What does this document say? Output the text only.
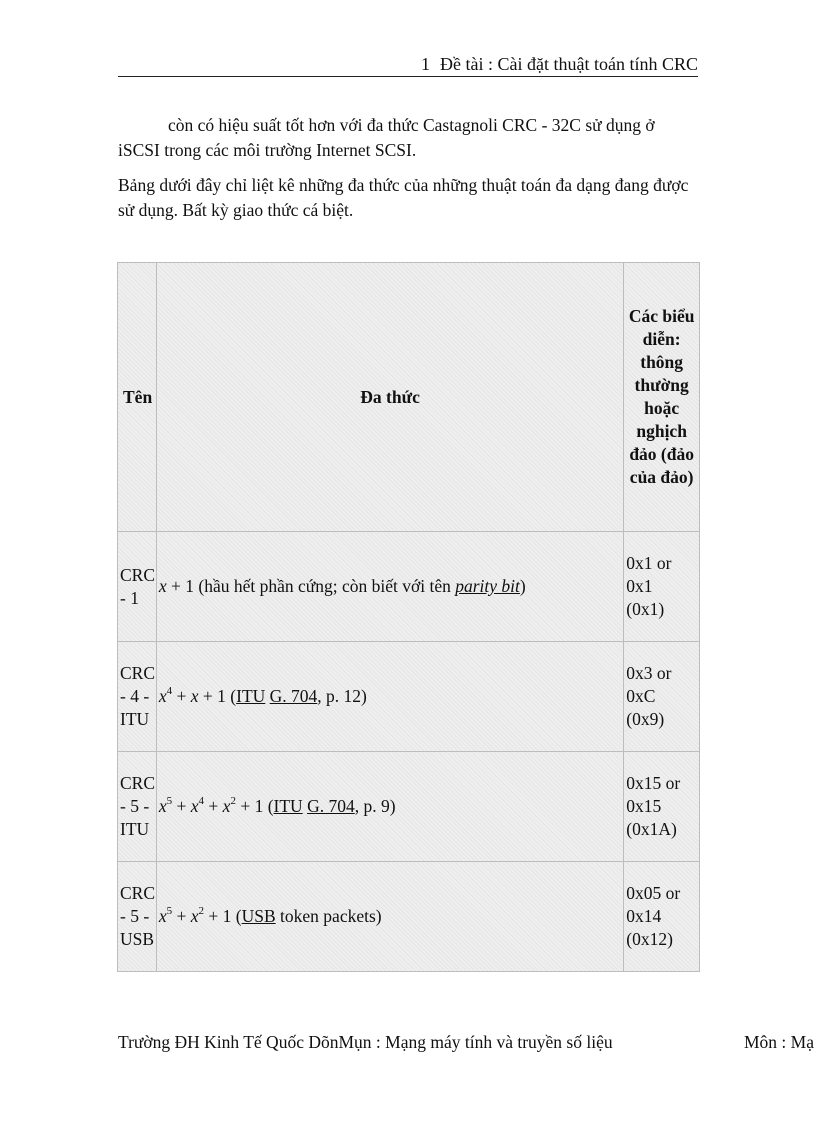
1 Đề tài : Cài đặt thuật toán tính CRC

còn có hiệu suất tốt hơn với đa thức Castagnoli CRC - 32C sử dụng ở iSCSI trong các môi trường Internet SCSI.

Bảng dưới đây chỉ liệt kê những đa thức của những thuật toán đa dạng đang được sử dụng. Bất kỳ giao thức cá biệt.

Tên	Đa thức	Các biểu diễn: thông thường hoặc nghịch đảo (đảo của đảo)
CRC - 1	x + 1 (hầu hết phần cứng; còn biết với tên parity bit)	0x1 or
0x1
(0x1)

CRC - 4 - ITU	$x^4 + x + 1$ (ITU G. 704, p. 12)	0x3 or
0xC
(0x9)

CRC - 5 - ITU	$x^5 + x^4 + x^2 + 1$ (ITU G. 704, p. 9)	0x15 or
0x15
(0x1A)

CRC - 5 - USB	$x^5 + x^2 + 1$ (USB token packets)	0x05 or
0x14
(0x12)
Trường ĐH Kinh Tế Quốc DõnMụn : Mạng máy tính và truyền số liệu	Môn : Mạ
